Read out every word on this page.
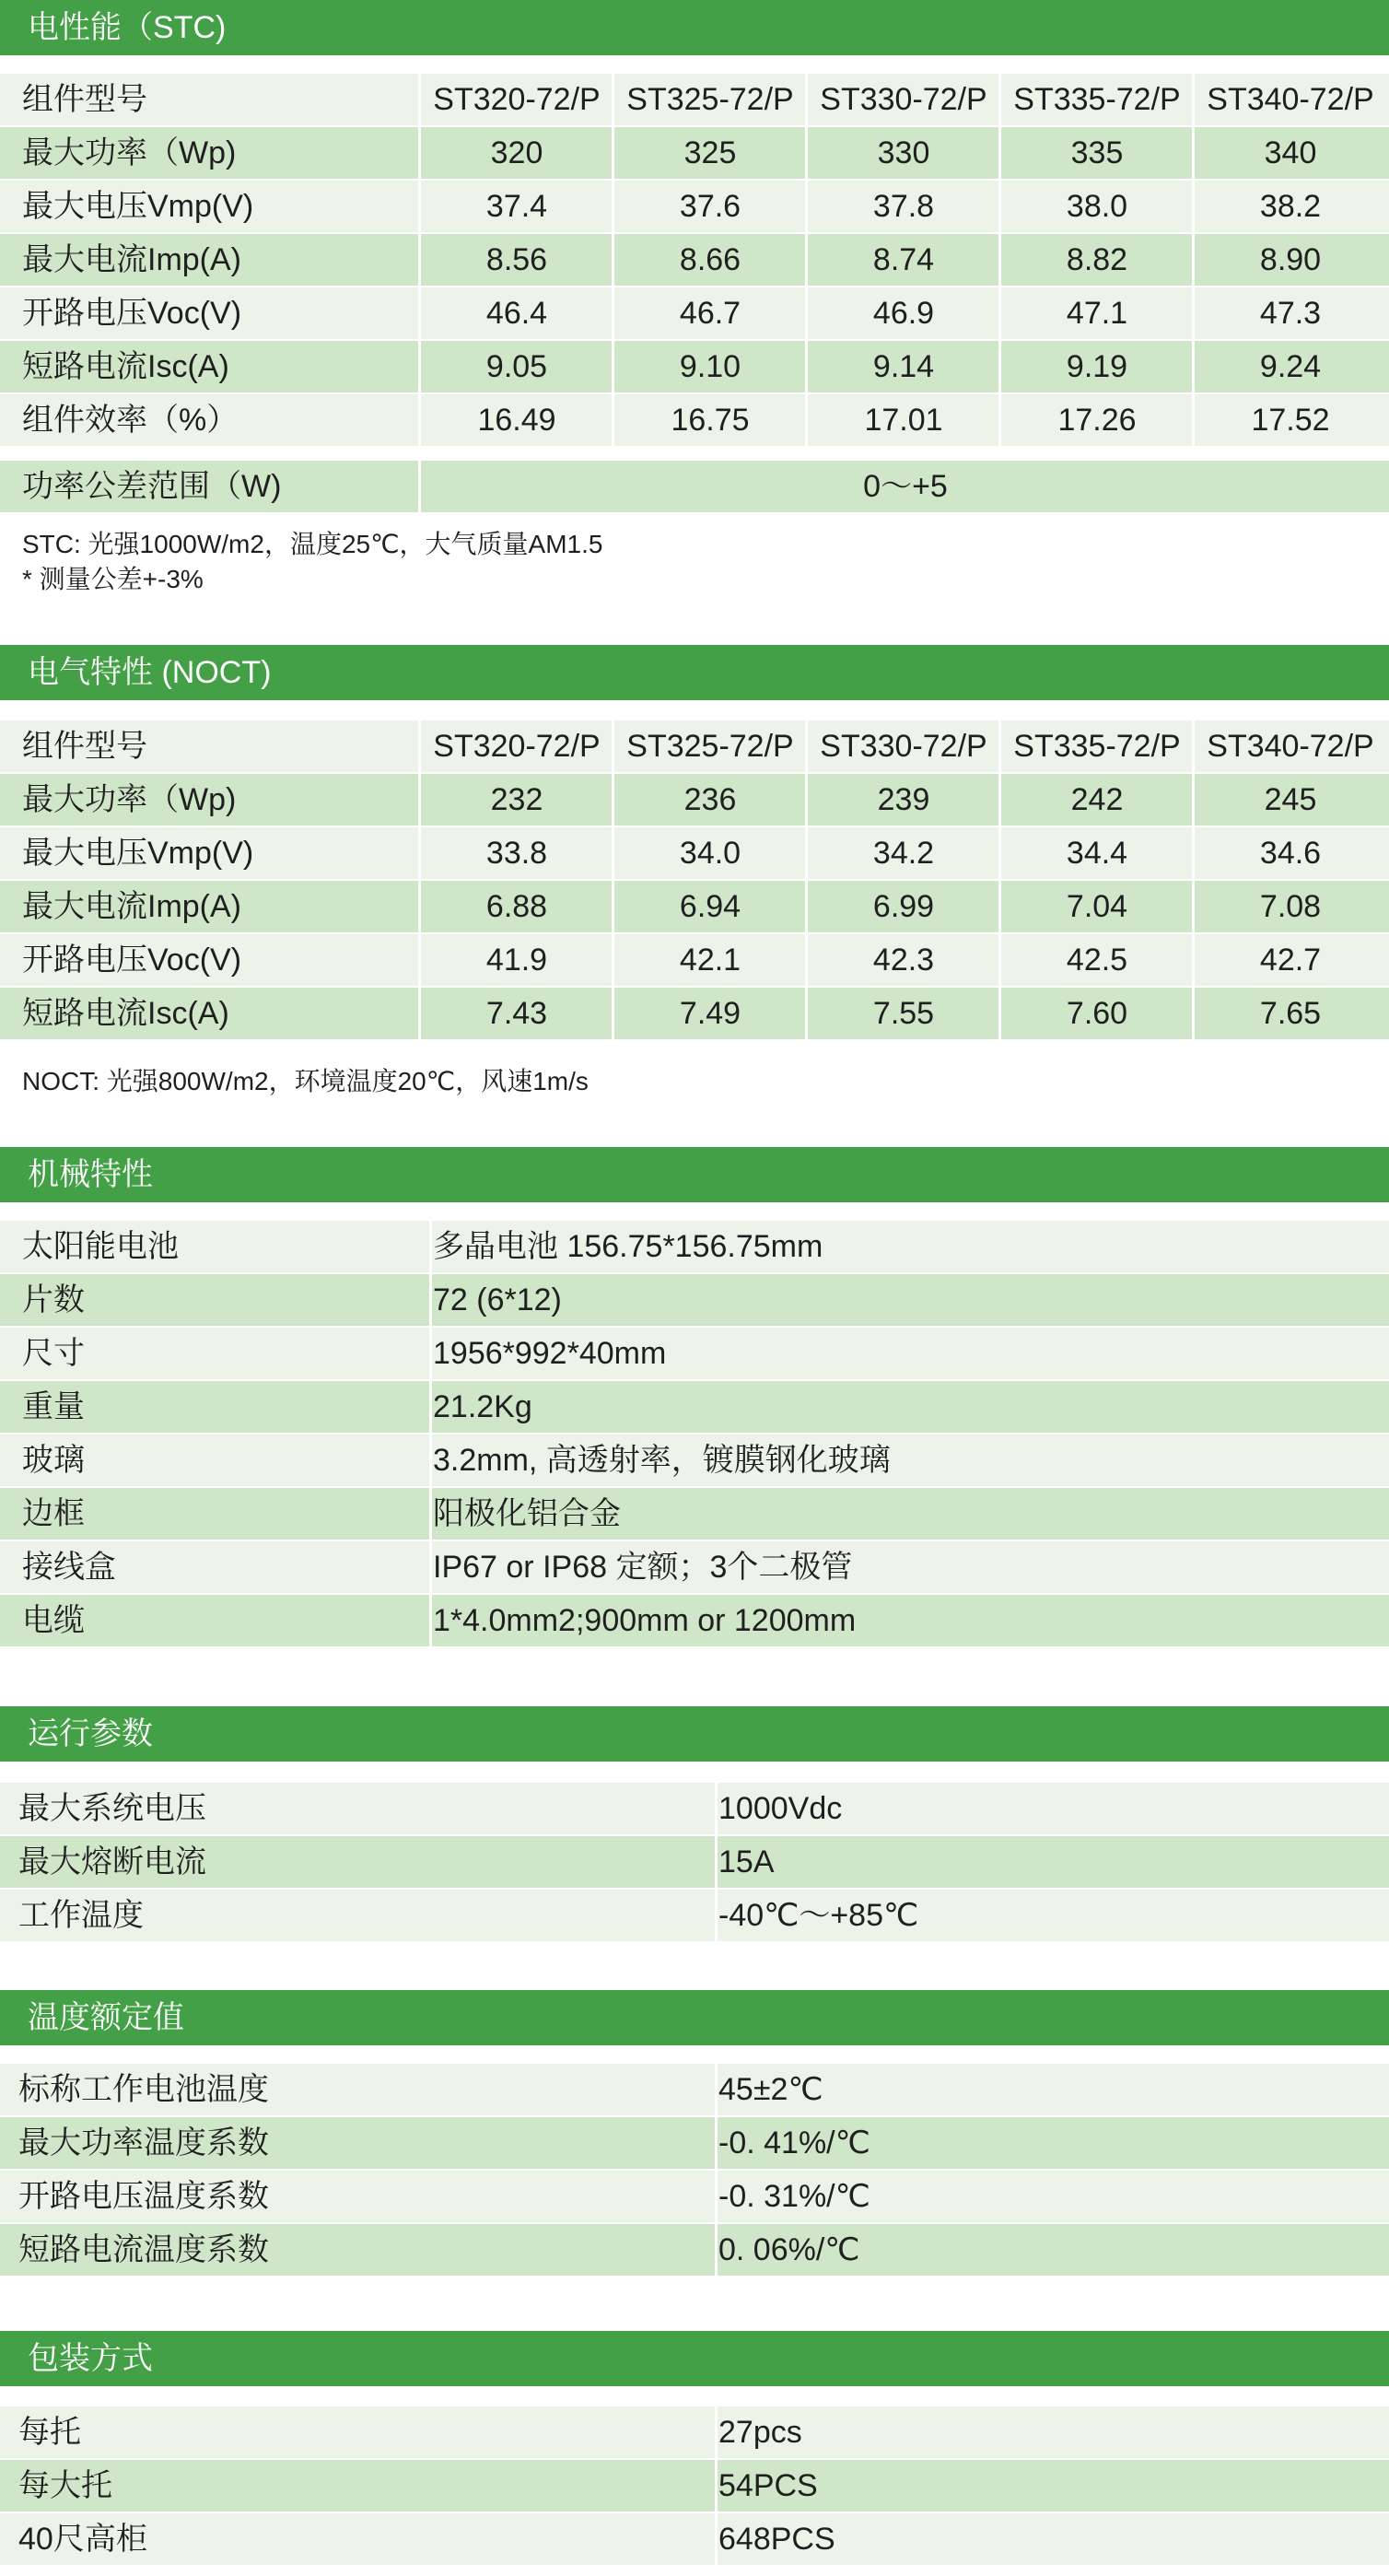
电性能（STC)
组件型号	ST320-72/P ST325-72/P ST330-72/P ST335-72/P ST340-72/P
最大功率（Wp)	320	325	330	335	340
最大电压Vmp(V)	37.4	37.6	37.8	38.0	38.2
最大电流Imp(A)	8.56	8.66	8.74	8.82	8.90
开路电压Voc(V)	46.4	46.7	46.9	47.1	47.3
短路电流Isc(A)	9.05	9.10	9.14	9.19	9.24
组件效率（%）	16.49	16.75	17.01	17.26	17.52
功率公差范围（W)	0～+5
STC: 光强1000W/m2，温度25℃，大气质量AM1.5
* 测量公差+-3%
电气特性 (NOCT)
组件型号	ST320-72/P ST325-72/P ST330-72/P ST335-72/P ST340-72/P
最大功率（Wp)	232	236	239	242	245
最大电压Vmp(V)	33.8	34.0	34.2	34.4	34.6
最大电流Imp(A)	6.88	6.94	6.99	7.04	7.08
开路电压Voc(V)	41.9	42.1	42.3	42.5	42.7
短路电流Isc(A)	7.43	7.49	7.55	7.60	7.65
NOCT: 光强800W/m2，环境温度20℃，风速1m/s
机械特性
太阳能电池	多晶电池 156.75*156.75mm
片数	72 (6*12)
尺寸	1956*992*40mm
重量	21.2Kg
玻璃	3.2mm, 高透射率，镀膜钢化玻璃
边框	阳极化铝合金
接线盒	IP67 or IP68 定额；3个二极管
电缆	1*4.0mm2;900mm or 1200mm
运行参数
最大系统电压	1000Vdc
最大熔断电流	15A
工作温度	-40℃～+85℃
温度额定值
标称工作电池温度	45±2℃
最大功率温度系数	-0. 41%/℃
开路电压温度系数	-0. 31%/℃
短路电流温度系数	0. 06%/℃
包装方式
每托	27pcs
每大托	54PCS
40尺高柜	648PCS
